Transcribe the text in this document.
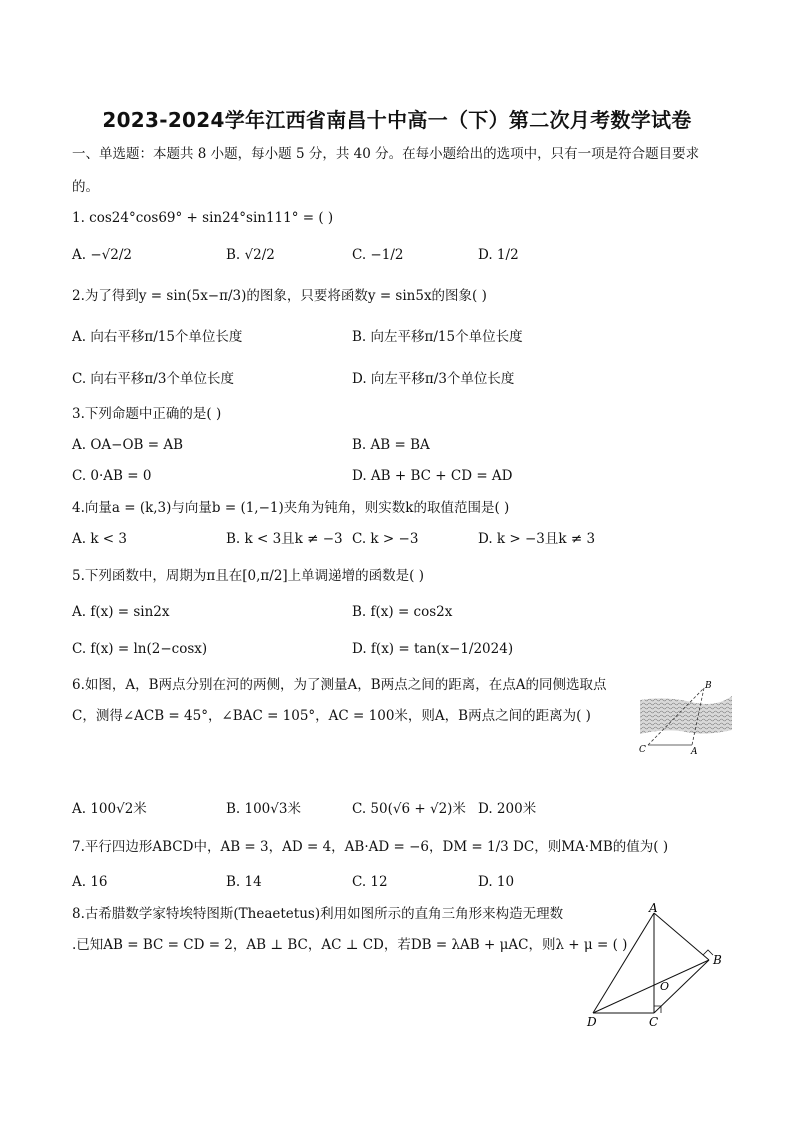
2023-2024学年江西省南昌十中高一（下）第二次月考数学试卷
一、单选题：本题共 8 小题，每小题 5 分，共 40 分。在每小题给出的选项中，只有一项是符合题目要求
的。
1. cos24°cos69° + sin24°sin111° = ( )
A. −√2/2	B. √2/2	C. −1/2	D. 1/2
2.为了得到y = sin(5x−π/3)的图象，只要将函数y = sin5x的图象( )
A. 向右平移π/15个单位长度	B. 向左平移π/15个单位长度
C. 向右平移π/3个单位长度	D. 向左平移π/3个单位长度
3.下列命题中正确的是( )
A. OA−OB = AB	B. AB = BA
C. 0·AB = 0	D. AB + BC + CD = AD
4.向量a = (k,3)与向量b = (1,−1)夹角为钝角，则实数k的取值范围是( )
A. k < 3	B. k < 3且k ≠ −3 C. k > −3	D. k > −3且k ≠ 3
5.下列函数中，周期为π且在[0,π/2]上单调递增的函数是( )
A. f(x) = sin2x	B. f(x) = cos2x
C. f(x) = ln(2−cosx)	D. f(x) = tan(x−1/2024)
6.如图，A，B两点分别在河的两侧，为了测量A，B两点之间的距离，在点A的同侧选取点
C，测得∠ACB = 45°，∠BAC = 105°，AC = 100米，则A，B两点之间的距离为( )
A. 100√2米	B. 100√3米	C. 50(√6 + √2)米 D. 200米
B
C	A
7.平行四边形ABCD中，AB = 3，AD = 4，AB·AD = −6，DM = 1/3 DC，则MA·MB的值为( )
A. 16	B. 14	C. 12	D. 10
8.古希腊数学家特埃特图斯(Theaetetus)利用如图所示的直角三角形来构造无理数
.已知AB = BC = CD = 2，AB ⊥ BC，AC ⊥ CD，若DB = λAB + μAC，则λ + μ = ( )
A
B
O
D	C
